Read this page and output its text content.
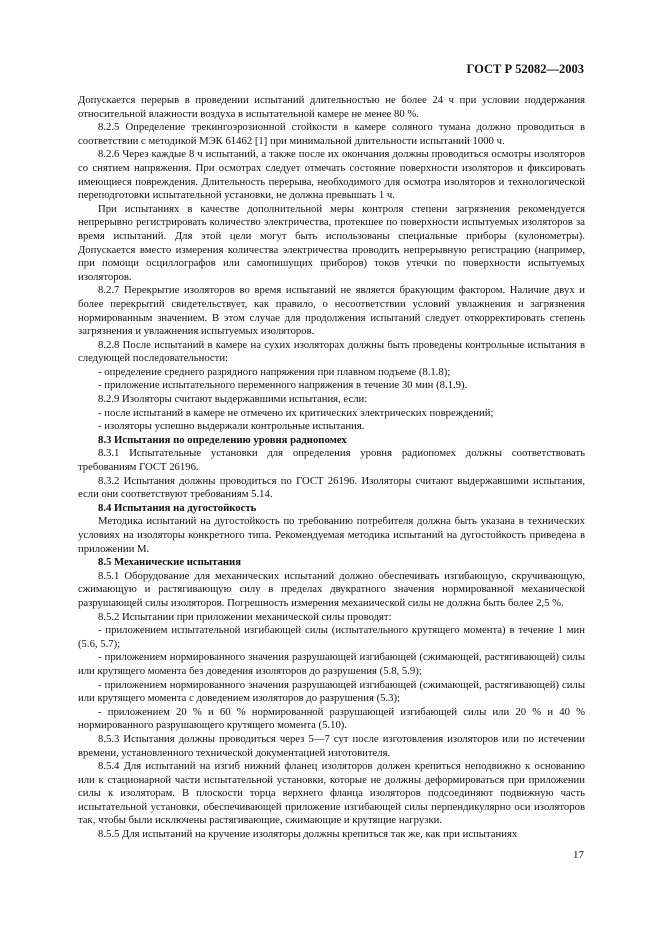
ГОСТ Р 52082—2003

Допускается перерыв в проведении испытаний длительностью не более 24 ч при условии поддержания относительной влажности воздуха в испытательной камере не менее 80 %.

8.2.5 Определение трекингоэрозионной стойкости в камере соляного тумана должно проводиться в соответствии с методикой МЭК 61462 [1] при минимальной длительности испытаний 1000 ч.

8.2.6 Через каждые 8 ч испытаний, а также после их окончания должны проводиться осмотры изоляторов со снятием напряжения. При осмотрах следует отмечать состояние поверхности изоляторов и фиксировать имеющиеся повреждения. Длительность перерыва, необходимого для осмотра изоляторов и технологической переподготовки испытательной установки, не должна превышать 1 ч.

При испытаниях в качестве дополнительной меры контроля степени загрязнения рекомендуется непрерывно регистрировать количество электричества, протекшее по поверхности испытуемых изоляторов за время испытаний. Для этой цели могут быть использованы специальные приборы (кулонометры). Допускается вместо измерения количества электричества проводить непрерывную регистрацию (например, при помощи осциллографов или самопишущих приборов) токов утечки по поверхности испытуемых изоляторов.

8.2.7 Перекрытие изоляторов во время испытаний не является бракующим фактором. Наличие двух и более перекрытий свидетельствует, как правило, о несоответствии условий увлажнения и загрязнения нормированным значением. В этом случае для продолжения испытаний следует откорректировать степень загрязнения и увлажнения испытуемых изоляторов.

8.2.8 После испытаний в камере на сухих изоляторах должны быть проведены контрольные испытания в следующей последовательности:

- определение среднего разрядного напряжения при плавном подъеме (8.1.8);

- приложение испытательного переменного напряжения в течение 30 мин (8.1.9).

8.2.9 Изоляторы считают выдержавшими испытания, если:

- после испытаний в камере не отмечено их критических электрических повреждений;

- изоляторы успешно выдержали контрольные испытания.

8.3 Испытания по определению уровня радиопомех

8.3.1 Испытательные установки для определения уровня радиопомех должны соответствовать требованиям ГОСТ 26196.

8.3.2 Испытания должны проводиться по ГОСТ 26196. Изоляторы считают выдержавшими испытания, если они соответствуют требованиям 5.14.

8.4 Испытания на дугостойкость

Методика испытаний на дугостойкость по требованию потребителя должна быть указана в технических условиях на изоляторы конкретного типа. Рекомендуемая методика испытаний на дугостойкость приведена в приложении М.

8.5 Механические испытания

8.5.1 Оборудование для механических испытаний должно обеспечивать изгибающую, скручивающую, сжимающую и растягивающую силу в пределах двукратного значения нормированной механической разрушающей силы изоляторов. Погрешность измерения механической силы не должна быть более 2,5 %.

8.5.2 Испытании при приложении механической силы проводят:

- приложением испытательной изгибающей силы (испытательного крутящего момента) в течение 1 мин (5.6, 5.7);

- приложением нормированного значения разрушающей изгибающей (сжимающей, растягивающей) силы или крутящего момента без доведения изоляторов до разрушения (5.8, 5.9);

- приложением нормированного значения разрушающей изгибающей (сжимающей, растягивающей) силы или крутящего момента с доведением изоляторов до разрушения (5.3);

- приложением 20 % и 60 % нормированной разрушающей изгибающей силы или 20 % и 40 % нормированного разрушающего крутящего момента (5.10).

8.5.3 Испытания должны проводиться через 5—7 сут после изготовления изоляторов или по истечении времени, установленного технической документацией изготовителя.

8.5.4 Для испытаний на изгиб нижний фланец изоляторов должен крепиться неподвижно к основанию или к стационарной части испытательной установки, которые не должны деформироваться при приложении силы к изоляторам. В плоскости торца верхнего фланца изоляторов подсоединяют подвижную часть испытательной установки, обеспечивающей приложение изгибающей силы перпендикулярно оси изоляторов так, чтобы были исключены растягивающие, сжимающие и крутящие нагрузки.

8.5.5 Для испытаний на кручение изоляторы должны крепиться так же, как при испытаниях

17
